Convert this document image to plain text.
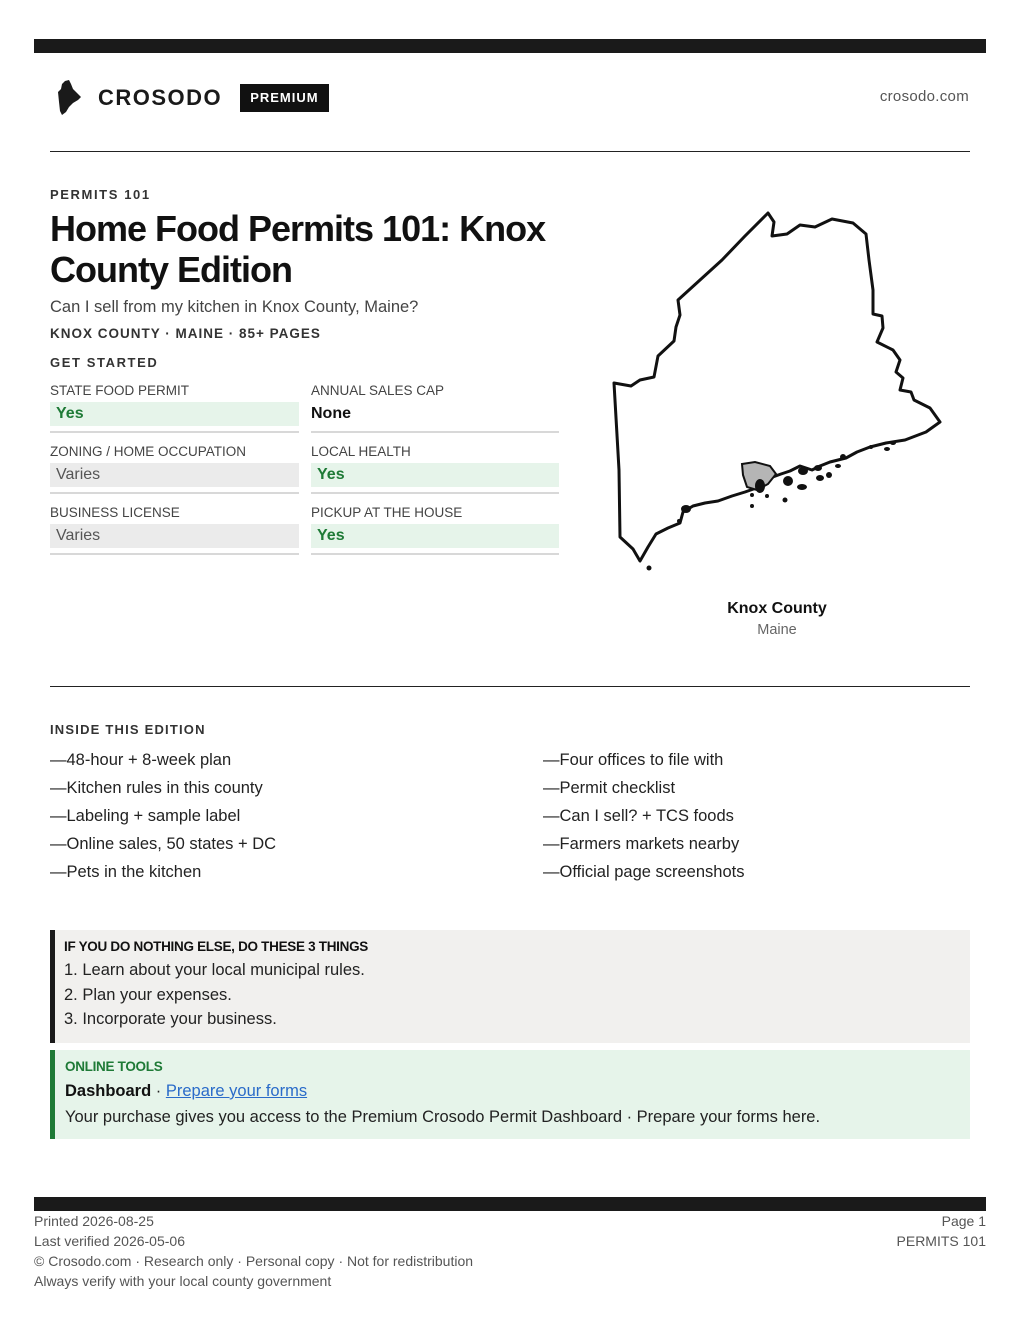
CROSODO	PREMIUM	crosodo.com
PERMITS 101
Home Food Permits 101: Knox County Edition
Can I sell from my kitchen in Knox County, Maine?
KNOX COUNTY · MAINE · 85+ PAGES
GET STARTED
STATE FOOD PERMIT
Yes
ANNUAL SALES CAP
None
ZONING / HOME OCCUPATION
Varies
LOCAL HEALTH
Yes
BUSINESS LICENSE
Varies
PICKUP AT THE HOUSE
Yes
Knox County
Maine
INSIDE THIS EDITION
—48-hour + 8-week plan
—Kitchen rules in this county
—Labeling + sample label
—Online sales, 50 states + DC
—Pets in the kitchen
—Four offices to file with
—Permit checklist
—Can I sell? + TCS foods
—Farmers markets nearby
—Official page screenshots
IF YOU DO NOTHING ELSE, DO THESE 3 THINGS
1. Learn about your local municipal rules.
2. Plan your expenses.
3. Incorporate your business.
ONLINE TOOLS
Dashboard · Prepare your forms
Your purchase gives you access to the Premium Crosodo Permit Dashboard · Prepare your forms here.
Printed 2026-08-25
Last verified 2026-05-06
© Crosodo.com · Research only · Personal copy · Not for redistribution
Always verify with your local county government
Page 1
PERMITS 101
